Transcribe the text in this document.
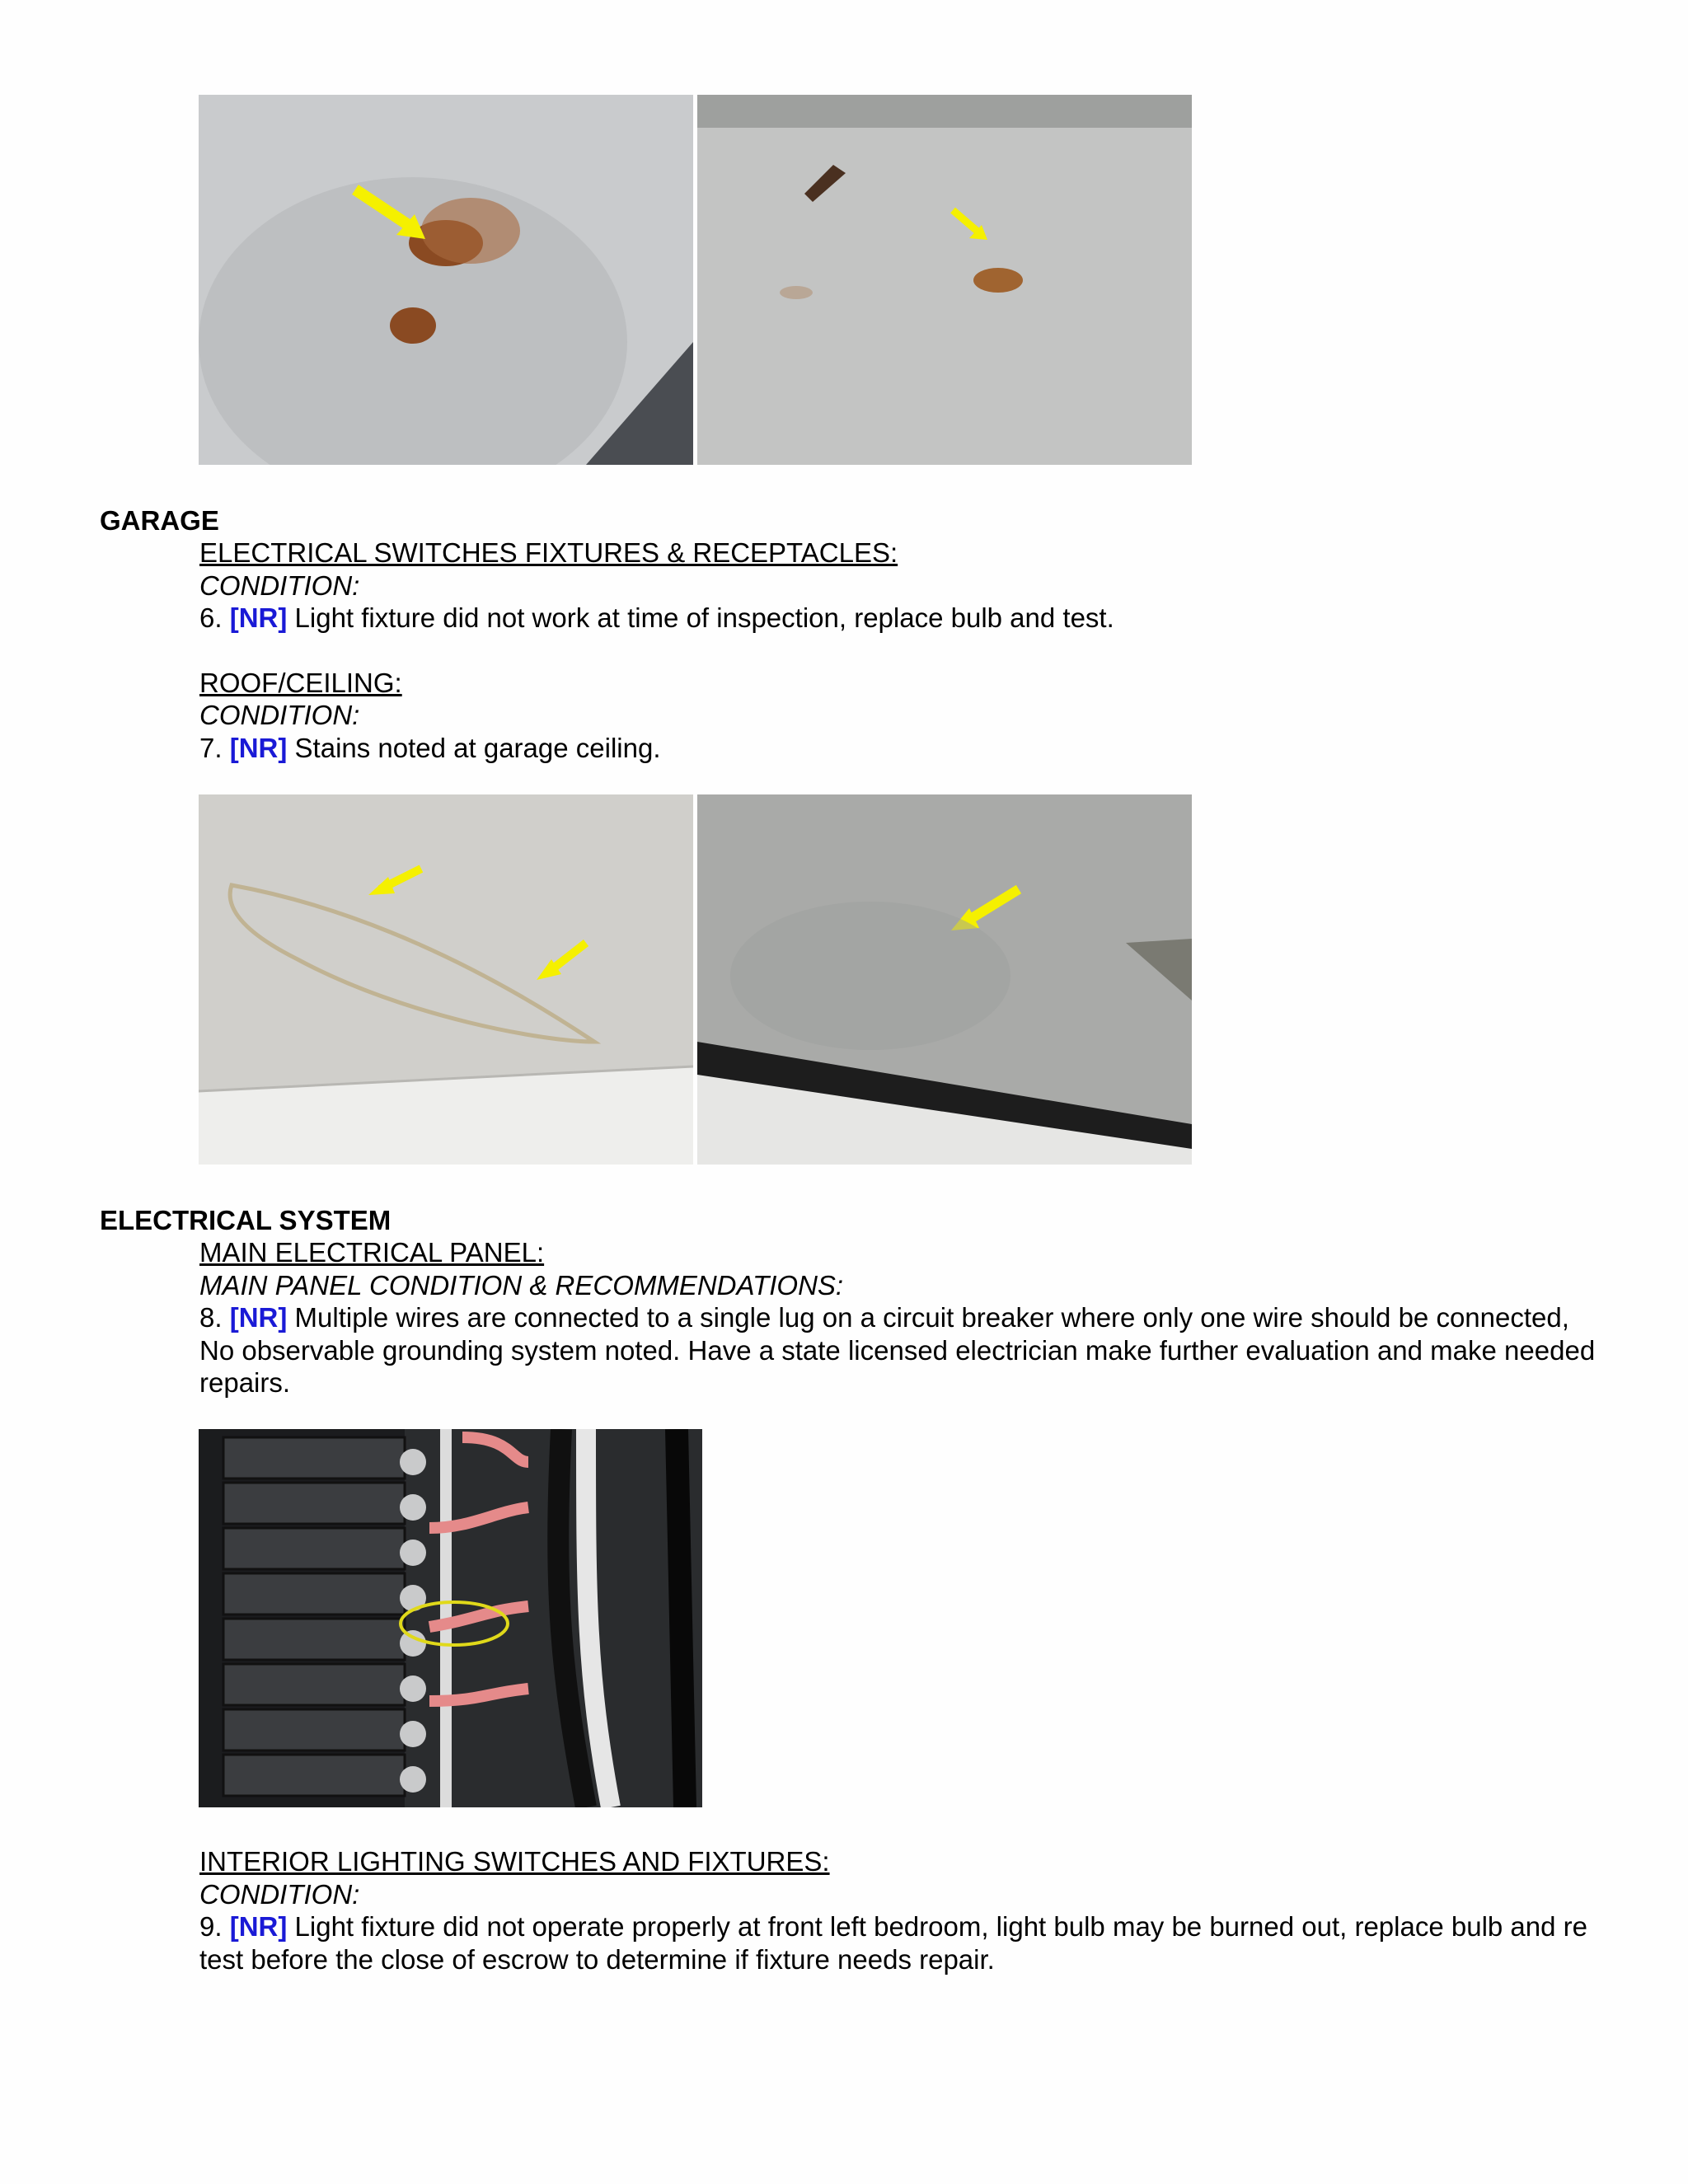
GARAGE

ELECTRICAL SWITCHES FIXTURES & RECEPTACLES:

CONDITION:

6. [NR] Light fixture did not work at time of inspection, replace bulb and test.

ROOF/CEILING:

CONDITION:

7. [NR] Stains noted at garage ceiling.

ELECTRICAL SYSTEM

MAIN ELECTRICAL PANEL:

MAIN PANEL CONDITION & RECOMMENDATIONS:

8. [NR] Multiple wires are connected to a single lug on a circuit breaker where only one wire should be connected, No observable grounding system noted. Have a state licensed electrician make further evaluation and make needed repairs.

INTERIOR LIGHTING SWITCHES AND FIXTURES:

CONDITION:

9. [NR] Light fixture did not operate properly at front left bedroom, light bulb may be burned out, replace bulb and re test before the close of escrow to determine if fixture needs repair.
